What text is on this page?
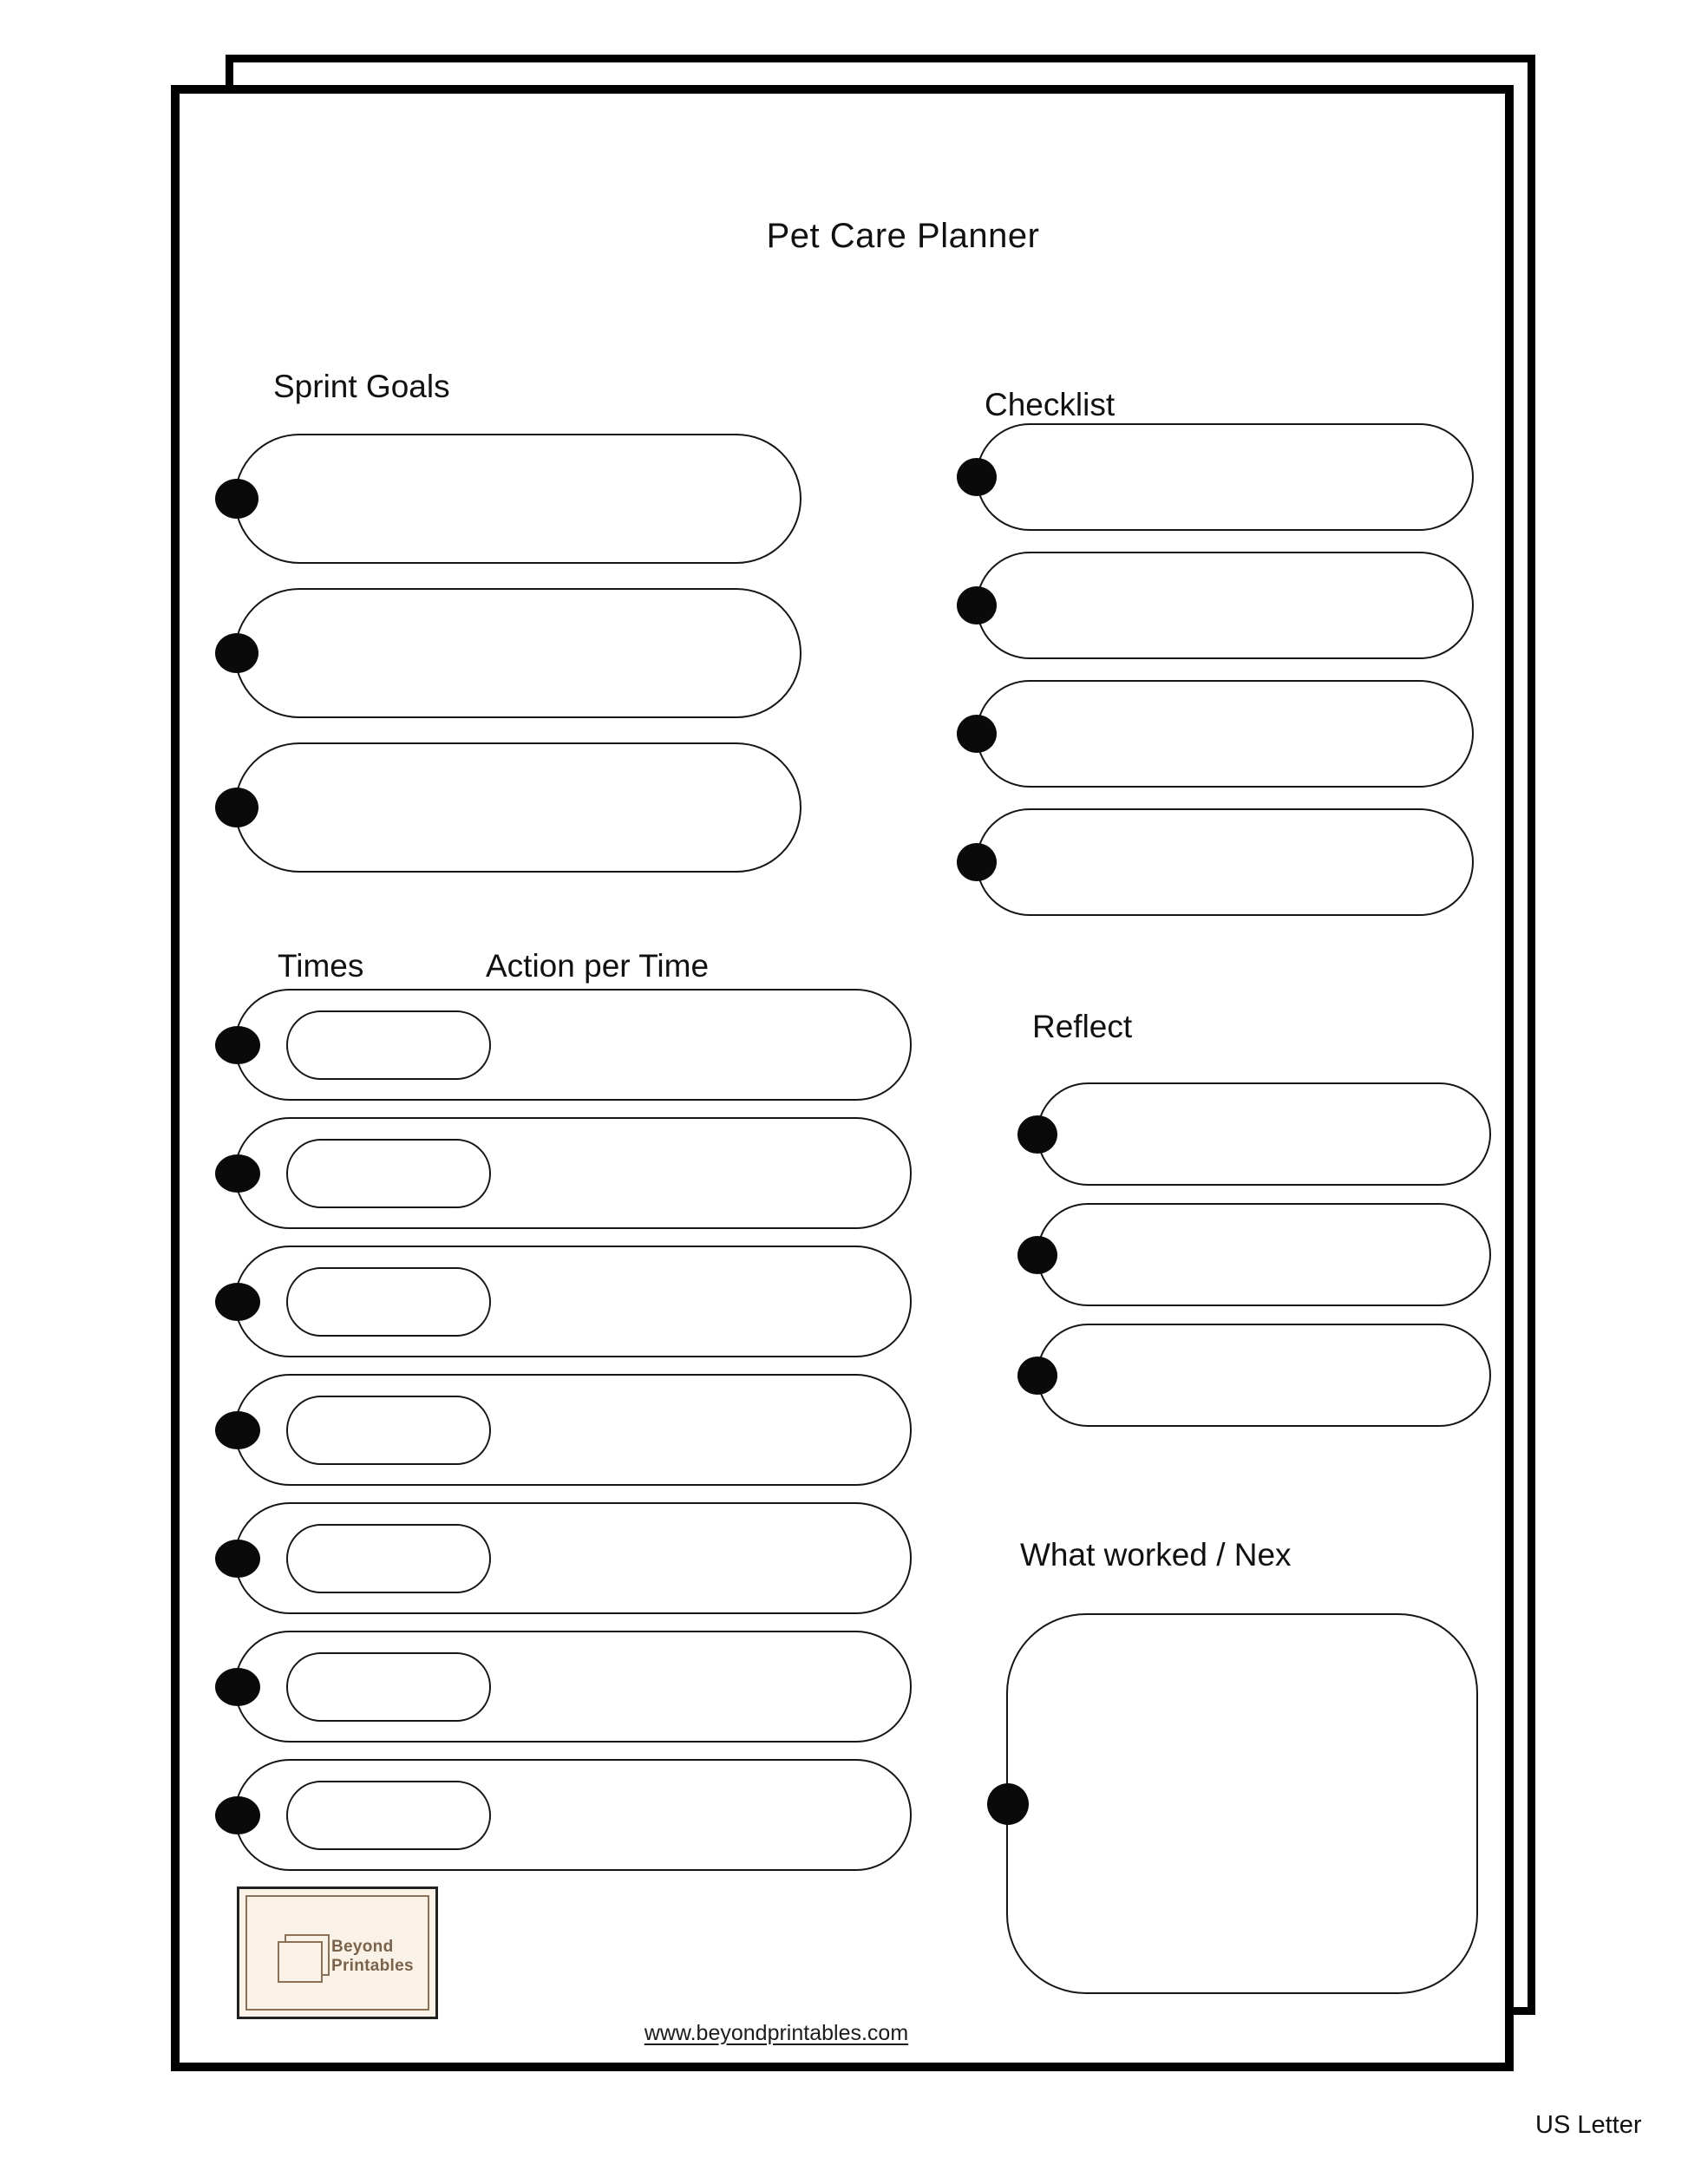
Pet Care Planner
Sprint Goals
Checklist
Times	Action per Time
Reflect
What worked / Nex
Beyond
Printables
www.beyondprintables.com
US Letter
